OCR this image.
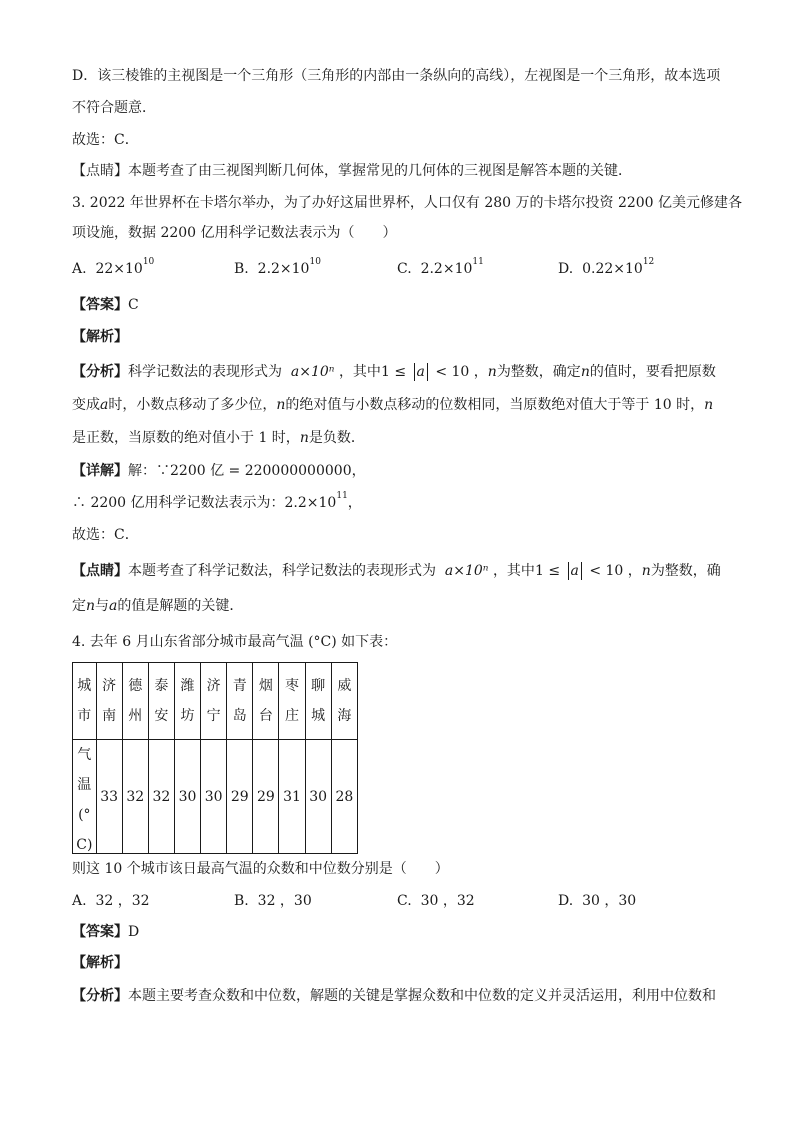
D．该三棱锥的主视图是一个三角形（三角形的内部由一条纵向的高线），左视图是一个三角形，故本选项
不符合题意．
故选：C．
【点睛】本题考查了由三视图判断几何体，掌握常见的几何体的三视图是解答本题的关键．
3. 2022 年世界杯在卡塔尔举办，为了办好这届世界杯，人口仅有 280 万的卡塔尔投资 2200 亿美元修建各
项设施，数据 2200 亿用科学记数法表示为（　　）
A. $22\times 10^{10}$	B. $2.2\times 10^{10}$	C. $2.2\times 10^{11}$	D. $0.22\times 10^{12}$
【答案】C
【解析】
【分析】科学记数法的表现形式为 a×10ⁿ ，其中1 ≤ a < 10 ，n为整数，确定n的值时，要看把原数
变成a时，小数点移动了多少位，n的绝对值与小数点移动的位数相同，当原数绝对值大于等于 10 时，n
是正数，当原数的绝对值小于 1 时，n是负数．
【详解】解：∵2200 亿 = 220000000000，
∴ 2200 亿用科学记数法表示为：$2.2\times 10^{11}$，
故选：C．
【点睛】本题考查了科学记数法，科学记数法的表现形式为 a×10ⁿ ，其中1 ≤ a < 10 ，n为整数，确
定n与a的值是解题的关键．
4. 去年 6 月山东省部分城市最高气温 (°C) 如下表：
城市	济南	德州	泰安	潍坊	济宁	青岛	烟台	枣庄	聊城	威海
气温(°C)	33	32	32	30	30	29	29	31	30	28
则这 10 个城市该日最高气温的众数和中位数分别是（　　）
A. 32 ，32	B. 32 ，30	C. 30 ，32	D. 30 ，30
【答案】D
【解析】
【分析】本题主要考查众数和中位数，解题的关键是掌握众数和中位数的定义并灵活运用，利用中位数和
